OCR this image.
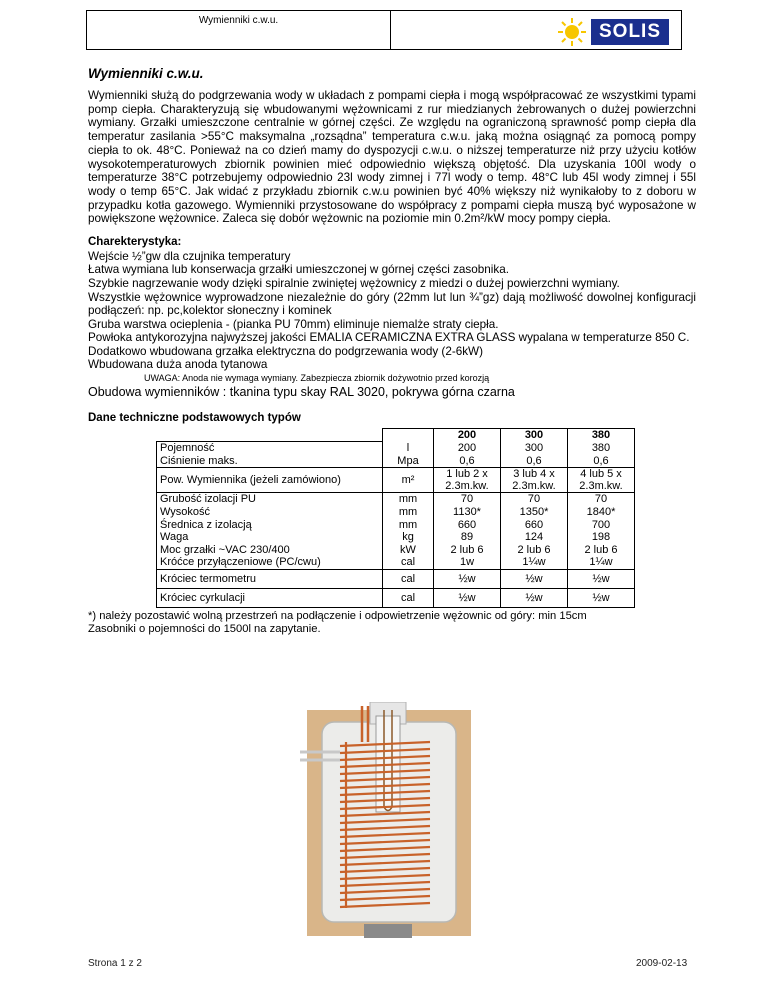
Wymienniki c.w.u.
SOLIS
Wymienniki c.w.u.

Wymienniki służą do podgrzewania wody w układach z pompami ciepła i mogą współpracować ze wszystkimi typami pomp ciepła. Charakteryzują się wbudowanymi wężownicami z rur miedzianych żebrowanych o dużej powierzchni wymiany. Grzałki umieszczone centralnie w górnej części. Ze względu na ograniczoną sprawność pomp ciepła dla temperatur zasilania >55°C maksymalna „rozsądna” temperatura c.w.u. jaką można osiągnąć za pomocą pompy ciepła to ok. 48°C. Ponieważ na co dzień mamy do dyspozycji c.w.u. o niższej temperaturze niż przy użyciu kotłów wysokotemperaturowych zbiornik powinien mieć odpowiednio większą objętość. Dla uzyskania 100l wody o temperaturze 38°C potrzebujemy odpowiednio 23l wody zimnej i 77l wody o temp. 48°C lub 45l wody zimnej i 55l wody o temp 65°C. Jak widać z przykładu zbiornik c.w.u powinien być 40% większy niż wynikałoby to z doboru w przypadku kotła gazowego. Wymienniki przystosowane do współpracy z pompami ciepła muszą być wyposażone w powiększone wężownice. Zaleca się dobór wężownic na poziomie min 0.2m²/kW mocy pompy ciepła.

Charekterystyka:
Wejście ½”gw dla czujnika temperatury
Łatwa wymiana lub konserwacja grzałki umieszczonej w górnej części zasobnika.
Szybkie nagrzewanie wody dzięki spiralnie zwiniętej wężownicy z miedzi o dużej powierzchni wymiany.
Wszystkie wężownice wyprowadzone niezależnie do góry (22mm lut lun ¾”gz) dają możliwość dowolnej konfiguracji podłączeń: np. pc,kolektor słoneczny i kominek
Gruba warstwa ocieplenia - (pianka PU 70mm) eliminuje niemalże straty ciepła.
Powłoka antykorozyjna najwyższej jakości EMALIA CERAMICZNA EXTRA GLASS wypalana w temperaturze 850 C.
Dodatkowo wbudowana grzałka elektryczna do podgrzewania wody (2-6kW)
Wbudowana duża anoda tytanowa
UWAGA: Anoda nie wymaga wymiany. Zabezpiecza zbiornik dożywotnio przed korozją
Obudowa wymienników : tkanina typu skay RAL 3020, pokrywa górna czarna
Dane techniczne podstawowych typów
		200	300	380
Pojemność	l	200	300	380
Ciśnienie maks.	Mpa	0,6	0,6	0,6
Pow. Wymiennika (jeżeli zamówiono)	m²	1 lub 2 x 2.3m.kw.	3 lub 4 x 2.3m.kw.	4 lub 5 x 2.3m.kw.
Grubość izolacji PU	mm	70	70	70
Wysokość	mm	1130*	1350*	1840*
Średnica z izolacją	mm	660	660	700
Waga	kg	89	124	198
Moc grzałki ~VAC 230/400	kW	2 lub 6	2 lub 6	2 lub 6
Króćce przyłączeniowe (PC/cwu)	cal	1w	1¼w	1¼w
Króciec termometru	cal	½w	½w	½w
Króciec cyrkulacji	cal	½w	½w	½w
*) należy pozostawić wolną przestrzeń na podłączenie i odpowietrzenie wężownic od góry: min 15cm
Zasobniki o pojemności do 1500l na zapytanie.
Strona 1 z 2	2009-02-13
